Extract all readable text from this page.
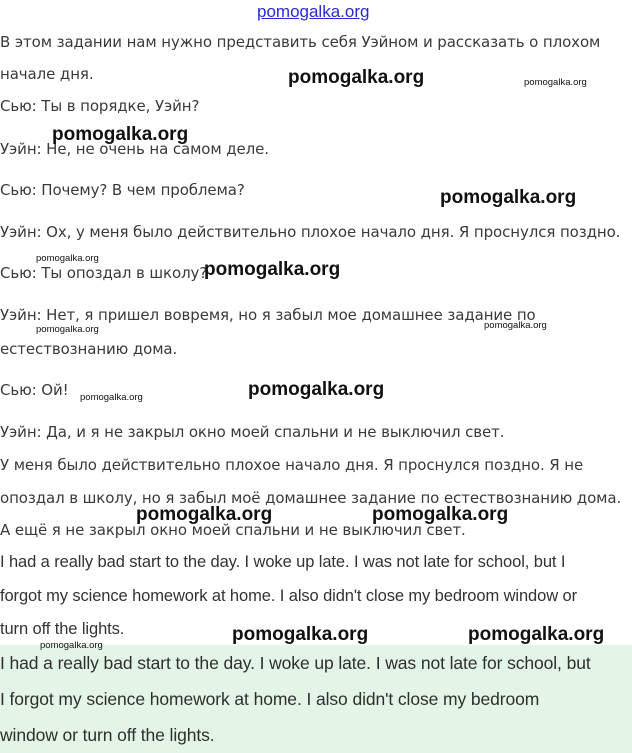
В этом задании нам нужно представить себя Уэйном и рассказать о плохом
начале дня.
Сью: Ты в порядке, Уэйн?
Уэйн: Не, не очень на самом деле.
Сью: Почему? В чем проблема?
Уэйн: Ох, у меня было действительно плохое начало дня. Я проснулся поздно.
Сью: Ты опоздал в школу?
Уэйн: Нет, я пришел вовремя, но я забыл мое домашнее задание по
естествознанию дома.
Сью: Ой!
Уэйн: Да, и я не закрыл окно моей спальни и не выключил свет.
У меня было действительно плохое начало дня. Я проснулся поздно. Я не
опоздал в школу, но я забыл моё домашнее задание по естествознанию дома.
А ещё я не закрыл окно моей спальни и не выключил свет.
I had a really bad start to the day. I woke up late. I was not late for school, but I
forgot my science homework at home. I also didn't close my bedroom window or
turn off the lights.
I had a really bad start to the day. I woke up late. I was not late for school, but
I forgot my science homework at home. I also didn't close my bedroom
window or turn off the lights.
pomogalka.org
pomogalka.org
pomogalka.org
pomogalka.org
pomogalka.org
pomogalka.org
pomogalka.org	pomogalka.org
pomogalka.org	pomogalka.org
pomogalka.org
pomogalka.org
pomogalka.org
pomogalka.org
pomogalka.org
pomogalka.org
